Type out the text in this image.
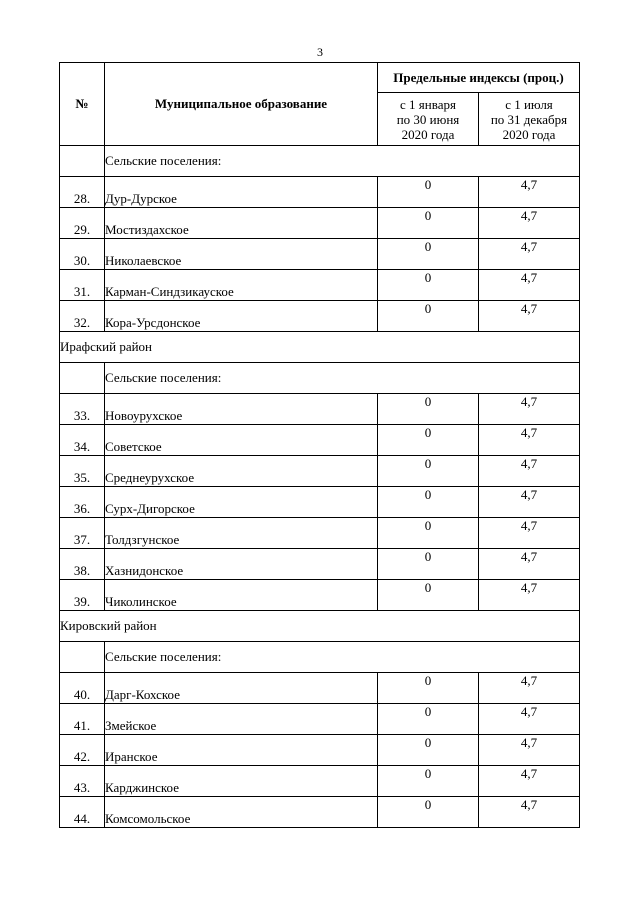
3
№	Муниципальное образование	Предельные индексы (проц.)	
		с 1 января
по 30 июня
2020 года	с 1 июля
по 31 декабря
2020 года
	Сельские поселения:		
28.	Дур-Дурское	0	4,7
29.	Мостиздахское	0	4,7
30.	Николаевское	0	4,7
31.	Карман-Синдзикауское	0	4,7
32.	Кора-Урсдонское	0	4,7
Ирафский район			
	Сельские поселения:		
33.	Новоурухское	0	4,7
34.	Советское	0	4,7
35.	Среднеурухское	0	4,7
36.	Сурх-Дигорское	0	4,7
37.	Толдзгунское	0	4,7
38.	Хазнидонское	0	4,7
39.	Чиколинское	0	4,7
Кировский район			
	Сельские поселения:		
40.	Дарг-Кохское	0	4,7
41.	Змейское	0	4,7
42.	Иранское	0	4,7
43.	Карджинское	0	4,7
44.	Комсомольское	0	4,7
